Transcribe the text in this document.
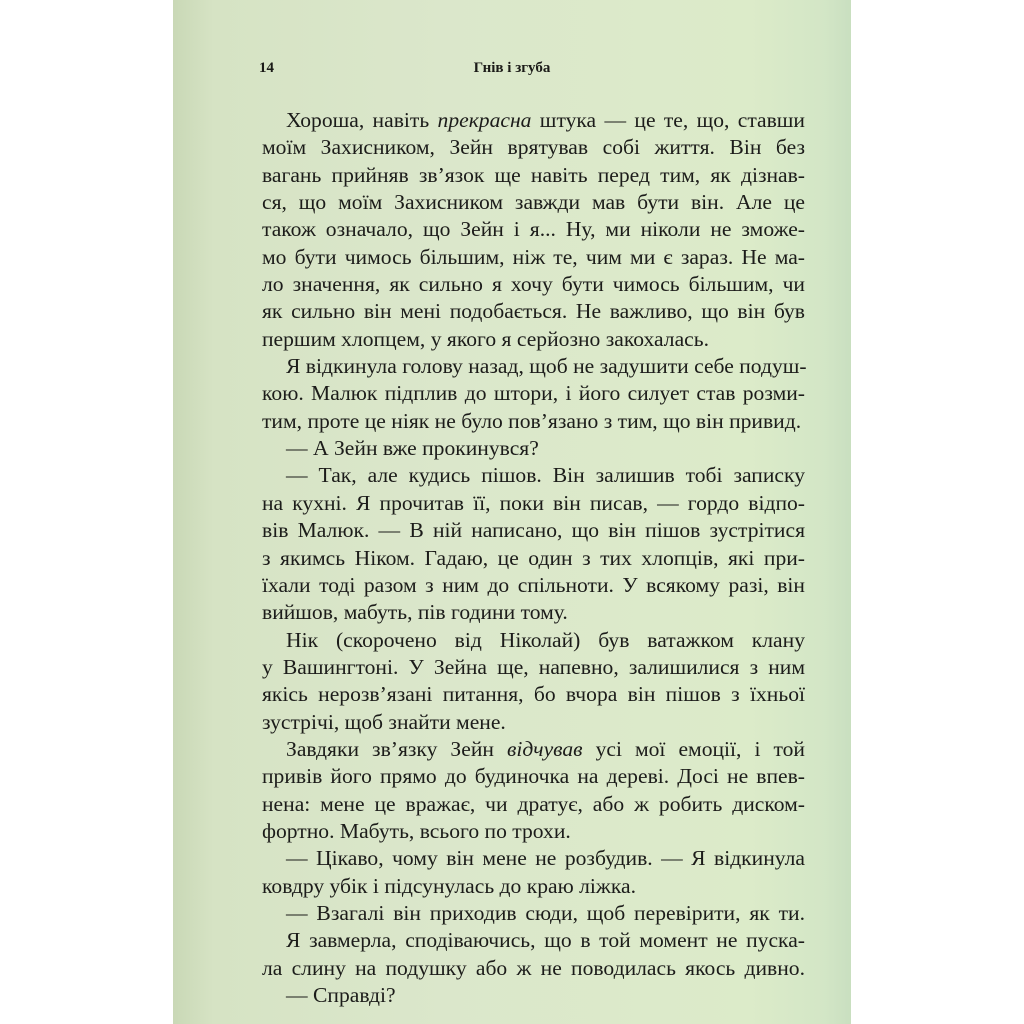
14	Гнів і згуба
Хороша, навіть прекрасна штука — це те, що, ставши
моїм Захисником, Зейн врятував собі життя. Він без
вагань прийняв зв’язок ще навіть перед тим, як дізнав-
ся, що моїм Захисником завжди мав бути він. Але це
також означало, що Зейн і я... Ну, ми ніколи не зможе-
мо бути чимось більшим, ніж те, чим ми є зараз. Не ма-
ло значення, як сильно я хочу бути чимось більшим, чи
як сильно він мені подобається. Не важливо, що він був
першим хлопцем, у якого я серйозно закохалась.
Я відкинула голову назад, щоб не задушити себе подуш-
кою. Малюк підплив до штори, і його силует став розми-
тим, проте це ніяк не було пов’язано з тим, що він привид.
— А Зейн вже прокинувся?
— Так, але кудись пішов. Він залишив тобі записку
на кухні. Я прочитав її, поки він писав, — гордо відпо-
вів Малюк. — В ній написано, що він пішов зустрітися
з якимсь Ніком. Гадаю, це один з тих хлопців, які при-
їхали тоді разом з ним до спільноти. У всякому разі, він
вийшов, мабуть, пів години тому.
Нік (скорочено від Ніколай) був ватажком клану
у Вашингтоні. У Зейна ще, напевно, залишилися з ним
якісь нерозв’язані питання, бо вчора він пішов з їхньої
зустрічі, щоб знайти мене.
Завдяки зв’язку Зейн відчував усі мої емоції, і той
привів його прямо до будиночка на дереві. Досі не впев-
нена: мене це вражає, чи дратує, або ж робить диском-
фортно. Мабуть, всього по трохи.
— Цікаво, чому він мене не розбудив. — Я відкинула
ковдру убік і підсунулась до краю ліжка.
— Взагалі він приходив сюди, щоб перевірити, як ти.
Я завмерла, сподіваючись, що в той момент не пуска-
ла слину на подушку або ж не поводилась якось дивно.
— Справді?
